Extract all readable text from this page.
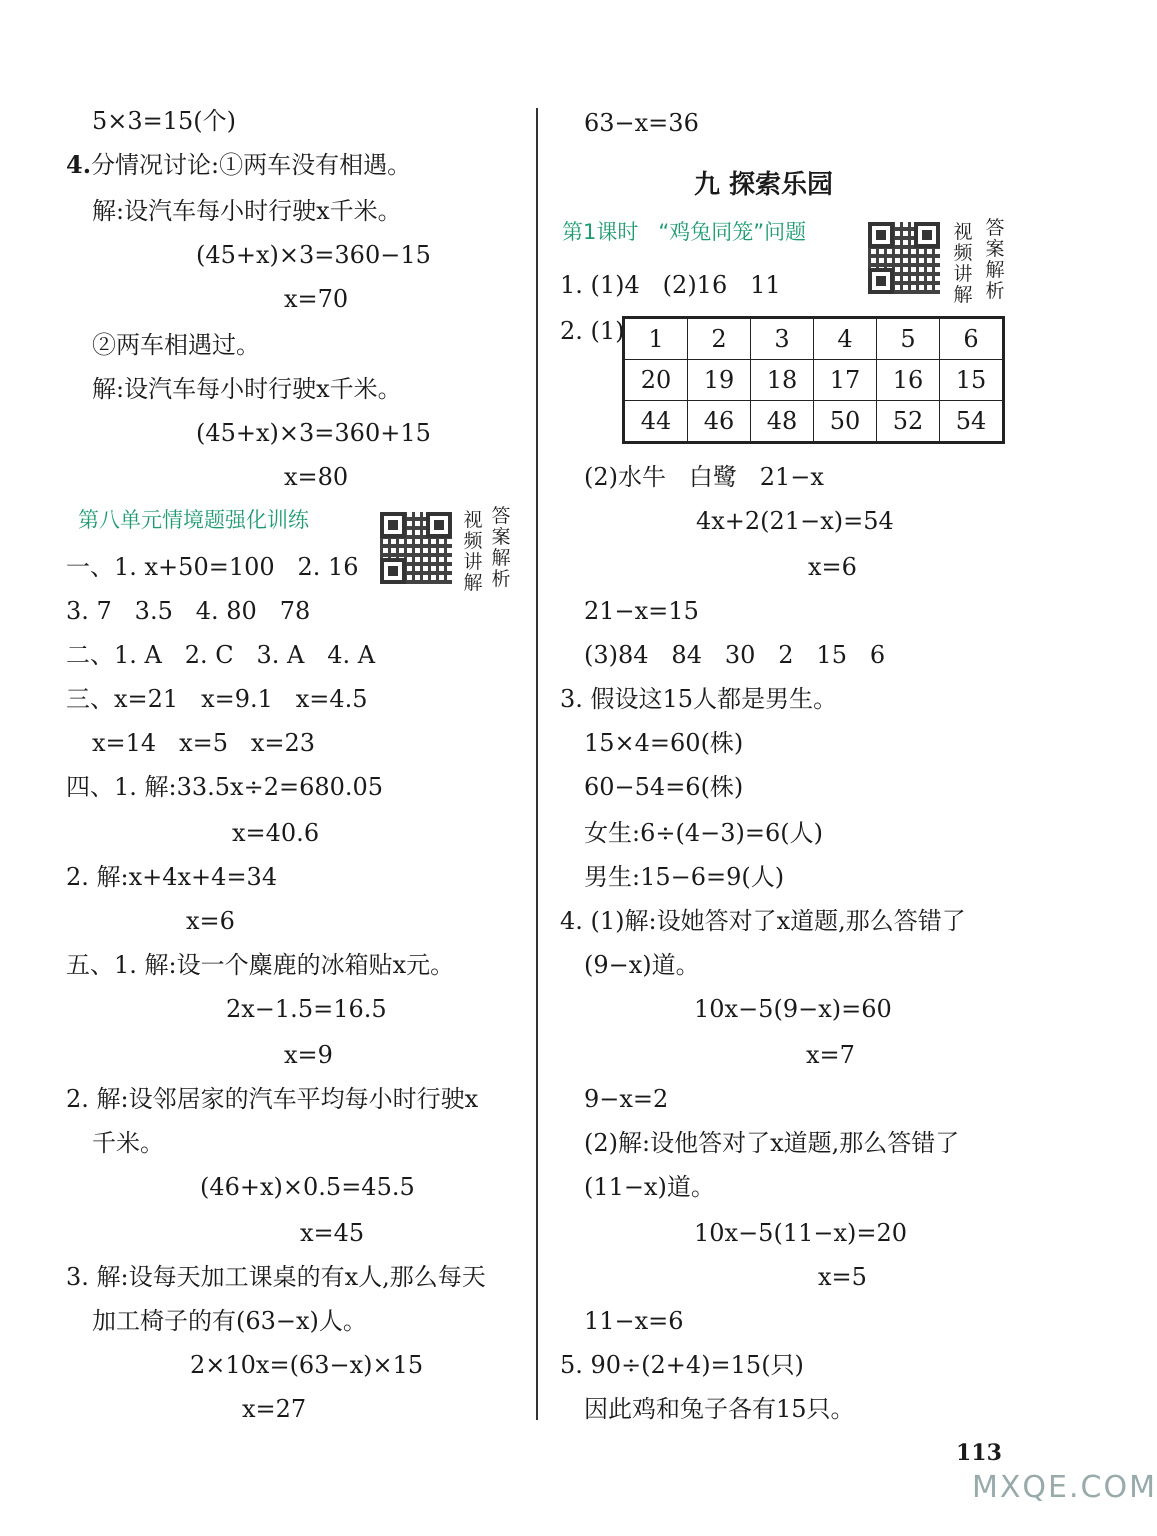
5×3=15(个)
4.分情况讨论:①两车没有相遇。
解:设汽车每小时行驶x千米。
(45+x)×3=360−15
x=70
②两车相遇过。
解:设汽车每小时行驶x千米。
(45+x)×3=360+15
x=80
第八单元情境题强化训练	视频讲解
答案解析
一、1. x+50=100   2. 16
3. 7   3.5   4. 80   78
二、1. A   2. C   3. A   4. A
三、x=21   x=9.1   x=4.5
x=14   x=5   x=23
四、1. 解:33.5x÷2=680.05
x=40.6
2. 解:x+4x+4=34
x=6
五、1. 解:设一个麋鹿的冰箱贴x元。
2x−1.5=16.5
x=9
2. 解:设邻居家的汽车平均每小时行驶x
千米。
(46+x)×0.5=45.5
x=45
3. 解:设每天加工课桌的有x人,那么每天
加工椅子的有(63−x)人。
2×10x=(63−x)×15
x=27
63−x=36
九 探索乐园
第1课时   “鸡兔同笼”问题	视频讲解
答案解析
1. (1)4   (2)16   11
2. (1) 1	2	3	4	5	6
20	19	18	17	16	15
44	46	48	50	52	54
(2)水牛   白鹭   21−x
4x+2(21−x)=54
x=6
21−x=15
(3)84   84   30   2   15   6
3. 假设这15人都是男生。
15×4=60(株)
60−54=6(株)
女生:6÷(4−3)=6(人)
男生:15−6=9(人)
4. (1)解:设她答对了x道题,那么答错了
(9−x)道。
10x−5(9−x)=60
x=7
9−x=2
(2)解:设他答对了x道题,那么答错了
(11−x)道。
10x−5(11−x)=20
x=5
11−x=6
5. 90÷(2+4)=15(只)
因此鸡和兔子各有15只。
113
MXQE.COM
